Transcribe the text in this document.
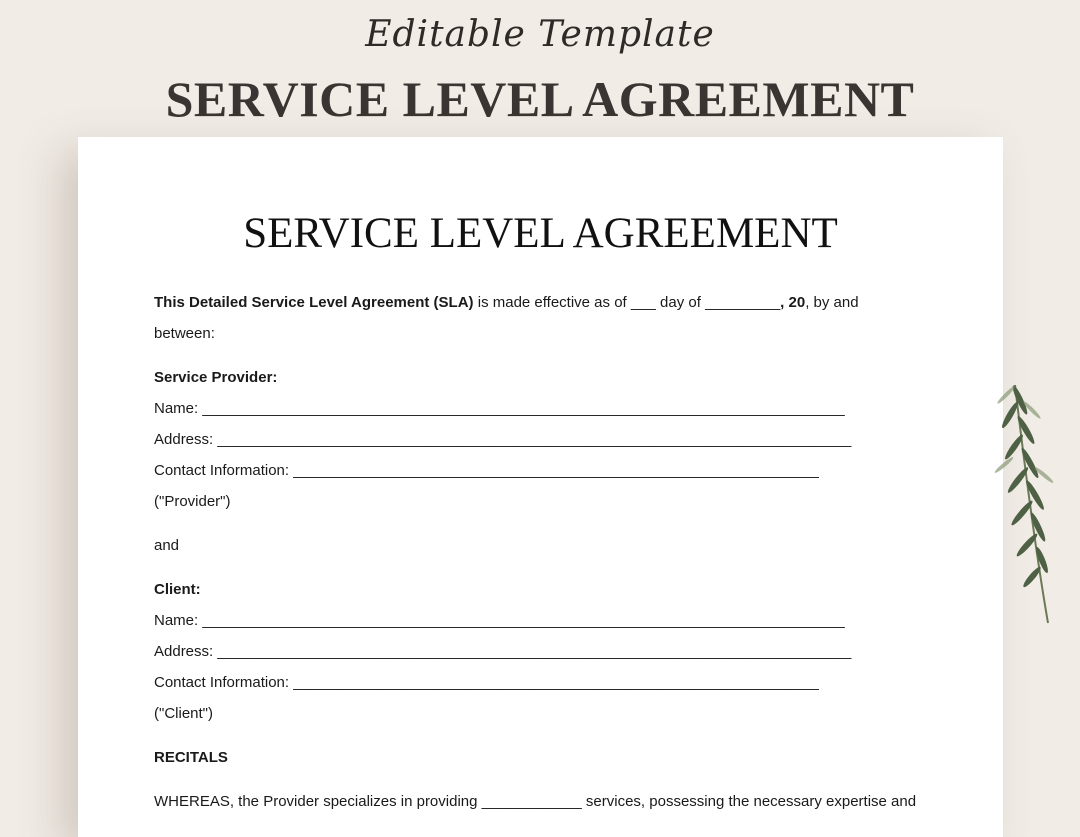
Editable Template
SERVICE LEVEL AGREEMENT
SERVICE LEVEL AGREEMENT
This Detailed Service Level Agreement (SLA) is made effective as of ___ day of _________, 20, by and
between:
Service Provider:
Name: _____________________________________________________________________________
Address: ____________________________________________________________________________
Contact Information: _______________________________________________________________
("Provider")
and
Client:
Name: _____________________________________________________________________________
Address: ____________________________________________________________________________
Contact Information: _______________________________________________________________
("Client")
RECITALS
WHEREAS, the Provider specializes in providing ____________ services, possessing the necessary expertise and
